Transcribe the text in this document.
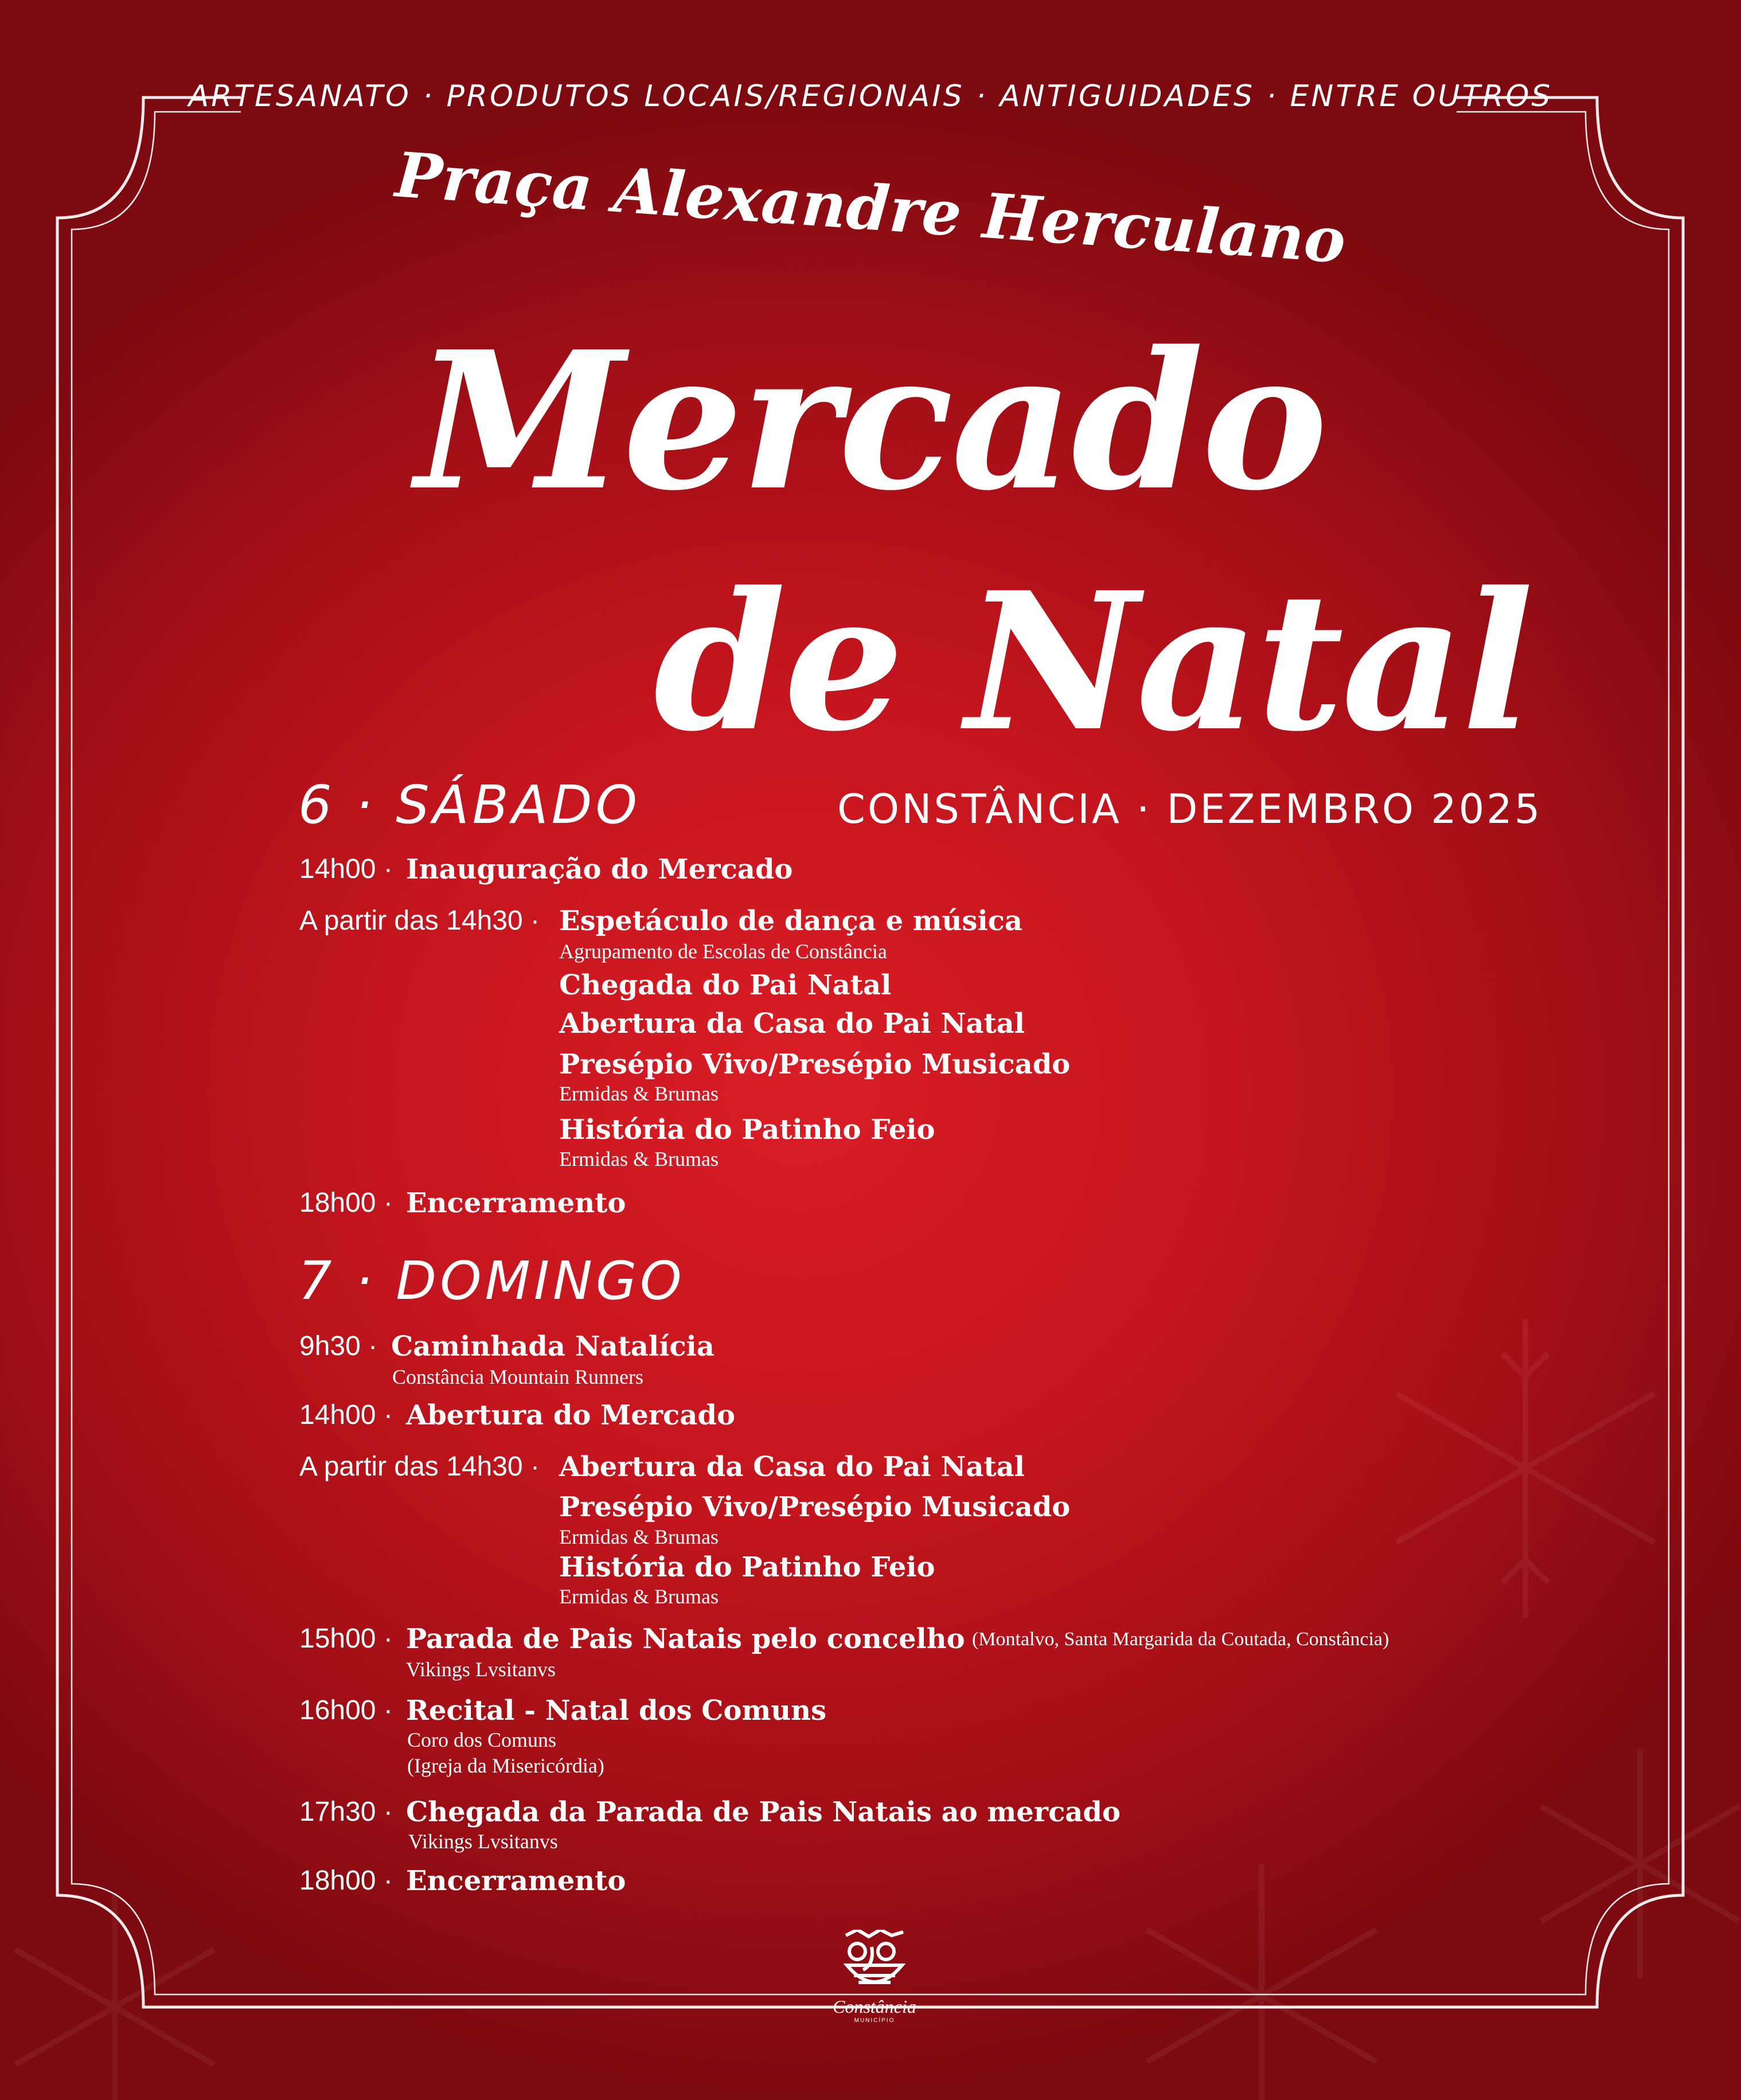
ARTESANATO · PRODUTOS LOCAIS/REGIONAIS · ANTIGUIDADES · ENTRE OUTROS
Praça Alexandre Herculano
Mercado
de Natal
CONSTÂNCIA · DEZEMBRO 2025
6 · SÁBADO
14h00 · Inauguração do Mercado
A partir das 14h30 · Espetáculo de dança e música
Agrupamento de Escolas de Constância
Chegada do Pai Natal
Abertura da Casa do Pai Natal
Presépio Vivo/Presépio Musicado
Ermidas & Brumas
História do Patinho Feio
Ermidas & Brumas
18h00 · Encerramento
7 · DOMINGO
9h30 · Caminhada Natalícia
Constância Mountain Runners
14h00 · Abertura do Mercado
A partir das 14h30 · Abertura da Casa do Pai Natal
Presépio Vivo/Presépio Musicado
Ermidas & Brumas
História do Patinho Feio
Ermidas & Brumas
15h00 · Parada de Pais Natais pelo concelho (Montalvo, Santa Margarida da Coutada, Constância)
Vikings Lvsitanvs
16h00 · Recital - Natal dos Comuns
Coro dos Comuns
(Igreja da Misericórdia)
17h30 · Chegada da Parada de Pais Natais ao mercado
Vikings Lvsitanvs
18h00 · Encerramento
Constância
MUNICÍPIO
